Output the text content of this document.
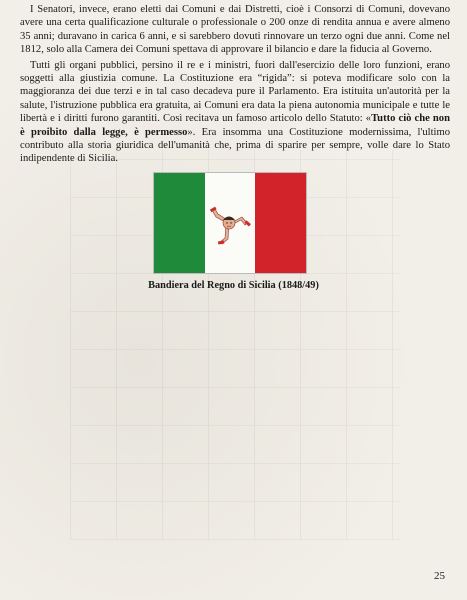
I Senatori, invece, erano eletti dai Comuni e dai Distretti, cioè i Consorzi di Comuni, dovevano avere una certa qualificazione culturale o professionale o 200 onze di rendita annua e avere almeno 35 anni; duravano in carica 6 anni, e si sarebbero dovuti rinnovare un terzo ogni due anni. Come nel 1812, solo alla Camera dei Comuni spettava di approvare il bilancio e dare la fiducia al Governo.

Tutti gli organi pubblici, persino il re e i ministri, fuori dall'esercizio delle loro funzioni, erano soggetti alla giustizia comune. La Costituzione era “rigida”: si poteva modificare solo con la maggioranza dei due terzi e in tal caso decadeva pure il Parlamento. Era istituita un'autorità per la salute, l'istruzione pubblica era gratuita, ai Comuni era data la piena autonomia municipale e tutte le libertà e i diritti furono garantiti. Così recitava un famoso articolo dello Statuto: «Tutto ciò che non è proibito dalla legge, è permesso». Era insomma una Costituzione modernissima, l'ultimo contributo alla storia giuridica dell'umanità che, prima di sparire per sempre, volle dare lo Stato indipendente di Sicilia.

Bandiera del Regno di Sicilia (1848/49)
25
